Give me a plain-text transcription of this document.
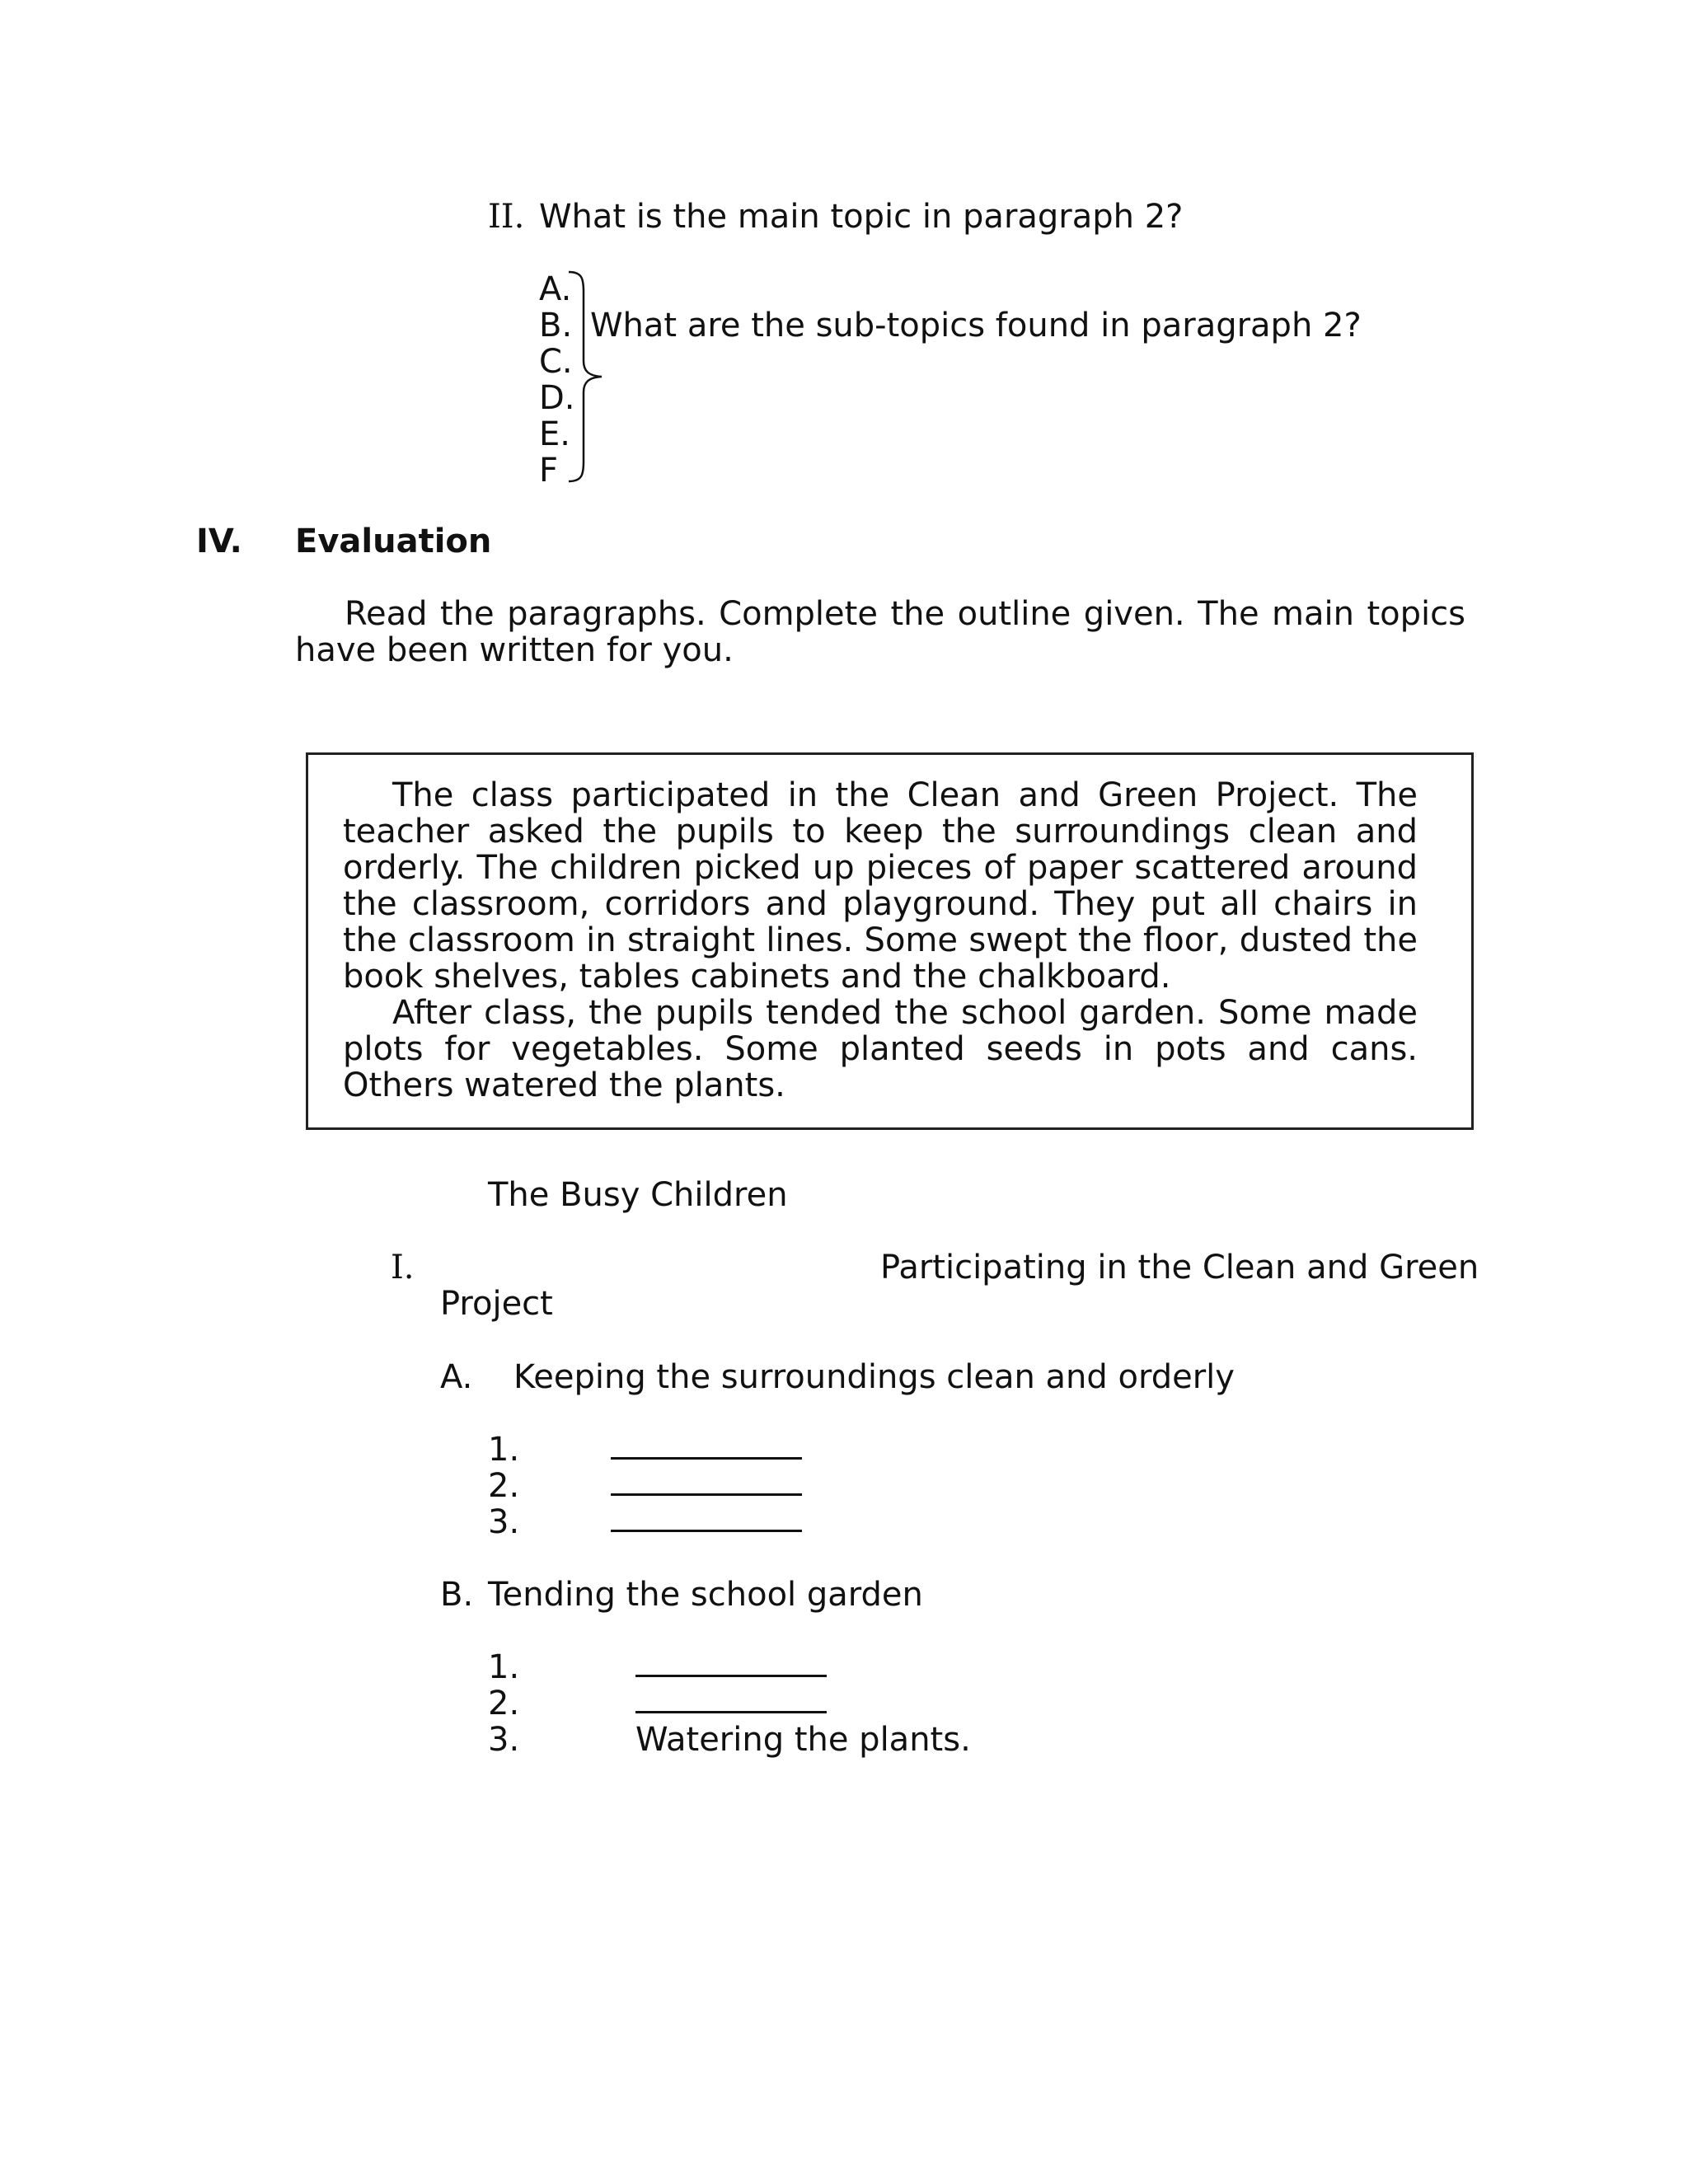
II. What is the main topic in paragraph 2?
A.
B.
C.
D.
E.
F
What are the sub-topics found in paragraph 2?
IV. Evaluation

Read the paragraphs. Complete the outline given. The main topics have been written for you.

The class participated in the Clean and Green Project. The teacher asked the pupils to keep the surroundings clean and orderly. The children picked up pieces of paper scattered around the classroom, corridors and playground. They put all chairs in the classroom in straight lines. Some swept the floor, dusted the book shelves, tables cabinets and the chalkboard.

After class, the pupils tended the school garden. Some made plots for vegetables. Some planted seeds in pots and cans. Others watered the plants.

The Busy Children
I.	Participating in the Clean and Green
Project
A. Keeping the surroundings clean and orderly
1.
2.
3.
B. Tending the school garden
1.
2.
3.	Watering the plants.
